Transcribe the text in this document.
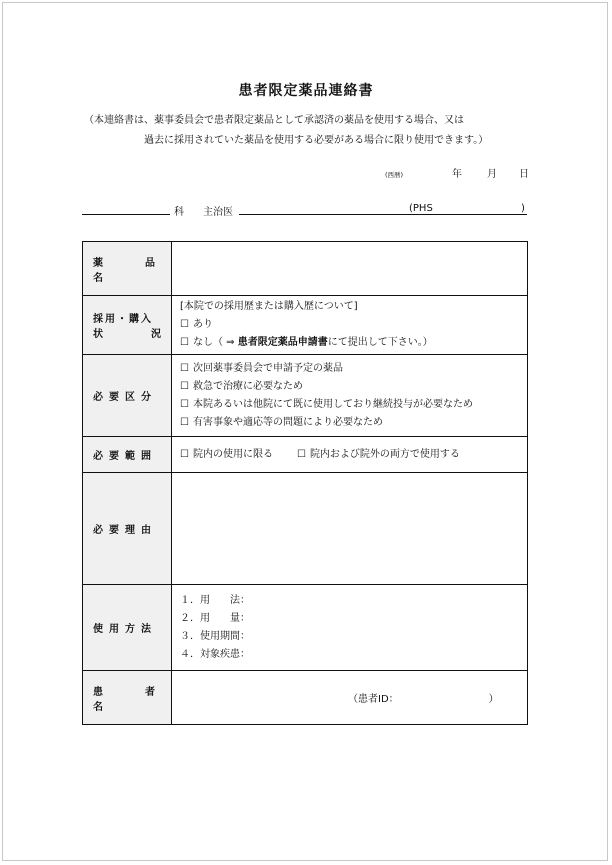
患者限定薬品連絡書
（本連絡書は、薬事委員会で患者限定薬品として承認済の薬品を使用する場合、又は
過去に採用されていた薬品を使用する必要がある場合に限り使用できます。）
(西暦)	年	月 日
科 主治医	(PHS	)
薬　品　名	

採用・購入
状　　況	[本院での採用歴または購入歴について]
☐ あり
☐ なし（ ⇒ 患者限定薬品申請書にて提出して下さい。）

必要区分	☐ 次回薬事委員会で申請予定の薬品
☐ 救急で治療に必要なため
☐ 本院あるいは他院にて既に使用しており継続投与が必要なため
☐ 有害事象や適応等の問題により必要なため

必要範囲	☐ 院内の使用に限る ☐ 院内および院外の両方で使用する

必要理由	

使用方法	１．用　　法：
２．用　　量：
３．使用期間：
４．対象疾患：

患　者　名	（患者ID： ）
